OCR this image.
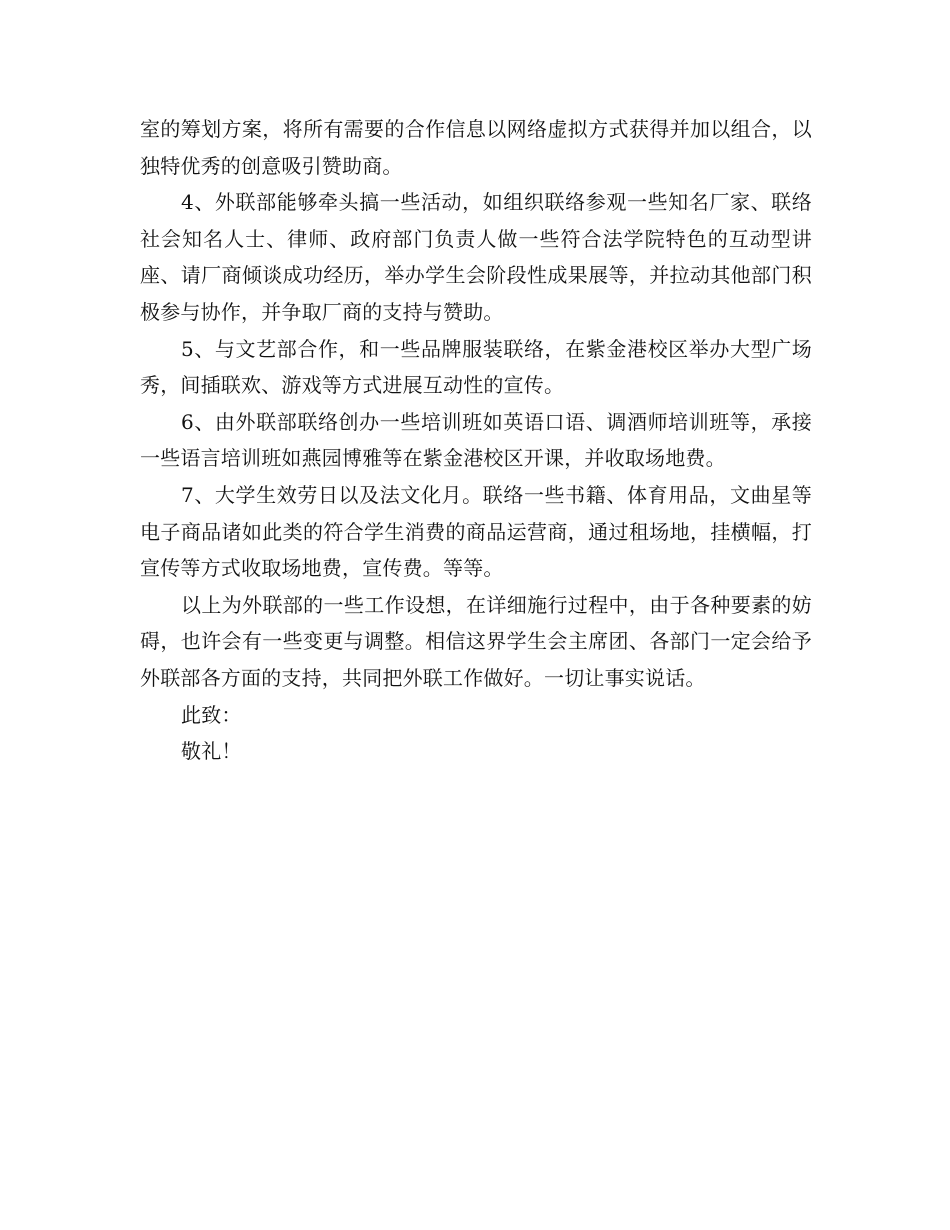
室的筹划方案，将所有需要的合作信息以网络虚拟方式获得并加以组合，以独特优秀的创意吸引赞助商。

4、外联部能够牵头搞一些活动，如组织联络参观一些知名厂家、联络社会知名人士、律师、政府部门负责人做一些符合法学院特色的互动型讲座、请厂商倾谈成功经历，举办学生会阶段性成果展等，并拉动其他部门积极参与协作，并争取厂商的支持与赞助。

5、与文艺部合作，和一些品牌服装联络，在紫金港校区举办大型广场秀，间插联欢、游戏等方式进展互动性的宣传。

6、由外联部联络创办一些培训班如英语口语、调酒师培训班等，承接一些语言培训班如燕园博雅等在紫金港校区开课，并收取场地费。

7、大学生效劳日以及法文化月。联络一些书籍、体育用品，文曲星等电子商品诸如此类的符合学生消费的商品运营商，通过租场地，挂横幅，打宣传等方式收取场地费，宣传费。等等。

以上为外联部的一些工作设想，在详细施行过程中，由于各种要素的妨碍，也许会有一些变更与调整。相信这界学生会主席团、各部门一定会给予外联部各方面的支持，共同把外联工作做好。一切让事实说话。

此致：

敬礼！
